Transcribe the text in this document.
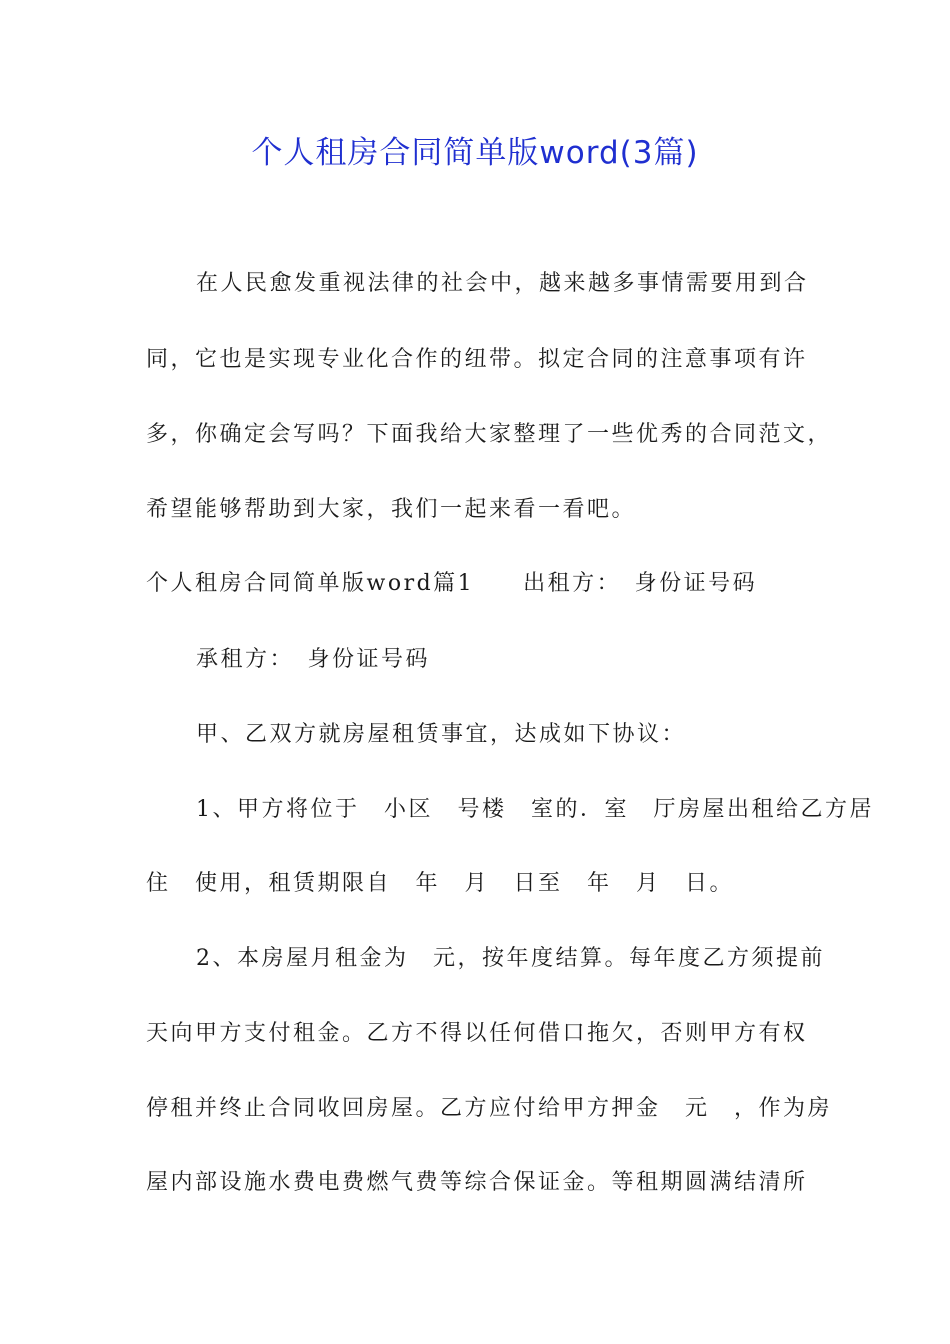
个人租房合同简单版word(3篇)

在人民愈发重视法律的社会中，越来越多事情需要用到合

同，它也是实现专业化合作的纽带。拟定合同的注意事项有许

多，你确定会写吗？下面我给大家整理了一些优秀的合同范文，

希望能够帮助到大家，我们一起来看一看吧。

个人租房合同简单版word篇1　　出租方：　身份证号码

承租方：　身份证号码

甲、乙双方就房屋租赁事宜，达成如下协议：

1、甲方将位于　小区　号楼　室的．室　厅房屋出租给乙方居

住　使用，租赁期限自　年　月　日至　年　月　日。

2、本房屋月租金为　元，按年度结算。每年度乙方须提前

天向甲方支付租金。乙方不得以任何借口拖欠，否则甲方有权

停租并终止合同收回房屋。乙方应付给甲方押金　元　，作为房

屋内部设施水费电费燃气费等综合保证金。等租期圆满结清所
